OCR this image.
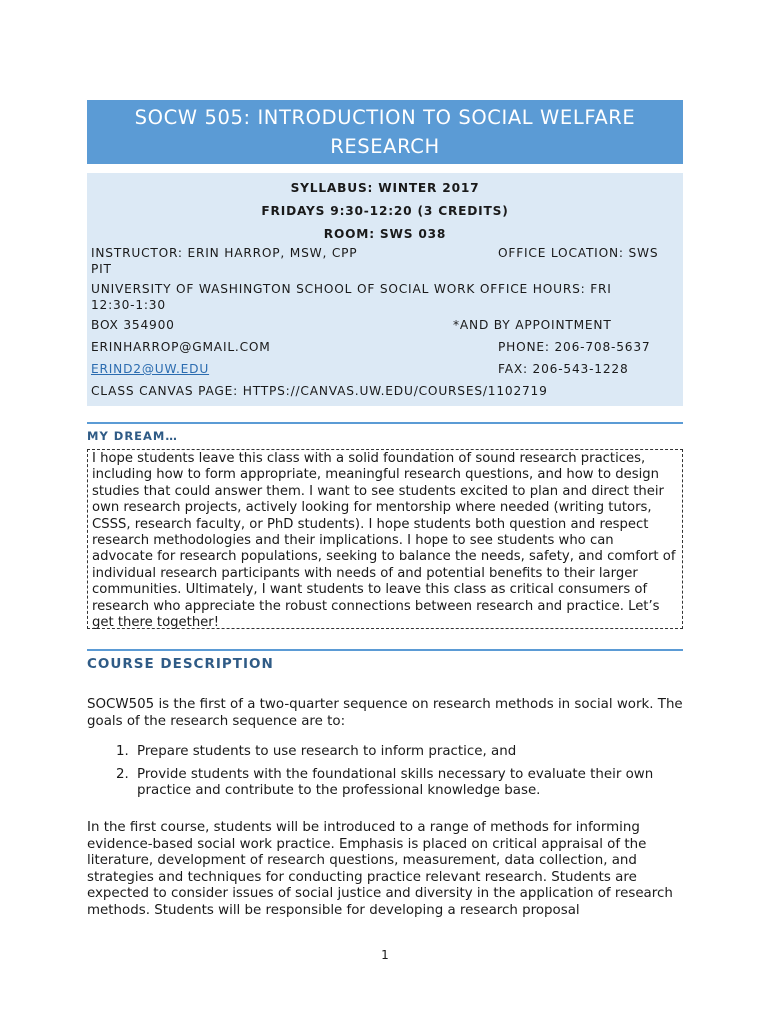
SOCW 505: INTRODUCTION TO SOCIAL WELFARE RESEARCH
SYLLABUS: WINTER 2017
FRIDAYS 9:30-12:20 (3 CREDITS)
ROOM: SWS 038
INSTRUCTOR: ERIN HARROP, MSW, CPP	OFFICE LOCATION: SWS
PIT
UNIVERSITY OF WASHINGTON SCHOOL OF SOCIAL WORK OFFICE HOURS: FRI
12:30-1:30
BOX 354900	*AND BY APPOINTMENT
ERINHARROP@GMAIL.COM	PHONE: 206-708-5637
ERIND2@UW.EDU	FAX: 206-543-1228
CLASS CANVAS PAGE: HTTPS://CANVAS.UW.EDU/COURSES/1102719
MY DREAM…
I hope students leave this class with a solid foundation of sound research practices, including how to form appropriate, meaningful research questions, and how to design studies that could answer them. I want to see students excited to plan and direct their own research projects, actively looking for mentorship where needed (writing tutors, CSSS, research faculty, or PhD students). I hope students both question and respect research methodologies and their implications. I hope to see students who can advocate for research populations, seeking to balance the needs, safety, and comfort of individual research participants with needs of and potential benefits to their larger communities. Ultimately, I want students to leave this class as critical consumers of research who appreciate the robust connections between research and practice. Let’s get there together!
COURSE DESCRIPTION
SOCW505 is the first of a two-quarter sequence on research methods in social work. The goals of the research sequence are to:
1. Prepare students to use research to inform practice, and
2. Provide students with the foundational skills necessary to evaluate their own practice and contribute to the professional knowledge base.
In the first course, students will be introduced to a range of methods for informing evidence-based social work practice. Emphasis is placed on critical appraisal of the literature, development of research questions, measurement, data collection, and strategies and techniques for conducting practice relevant research. Students are expected to consider issues of social justice and diversity in the application of research methods. Students will be responsible for developing a research proposal
1
